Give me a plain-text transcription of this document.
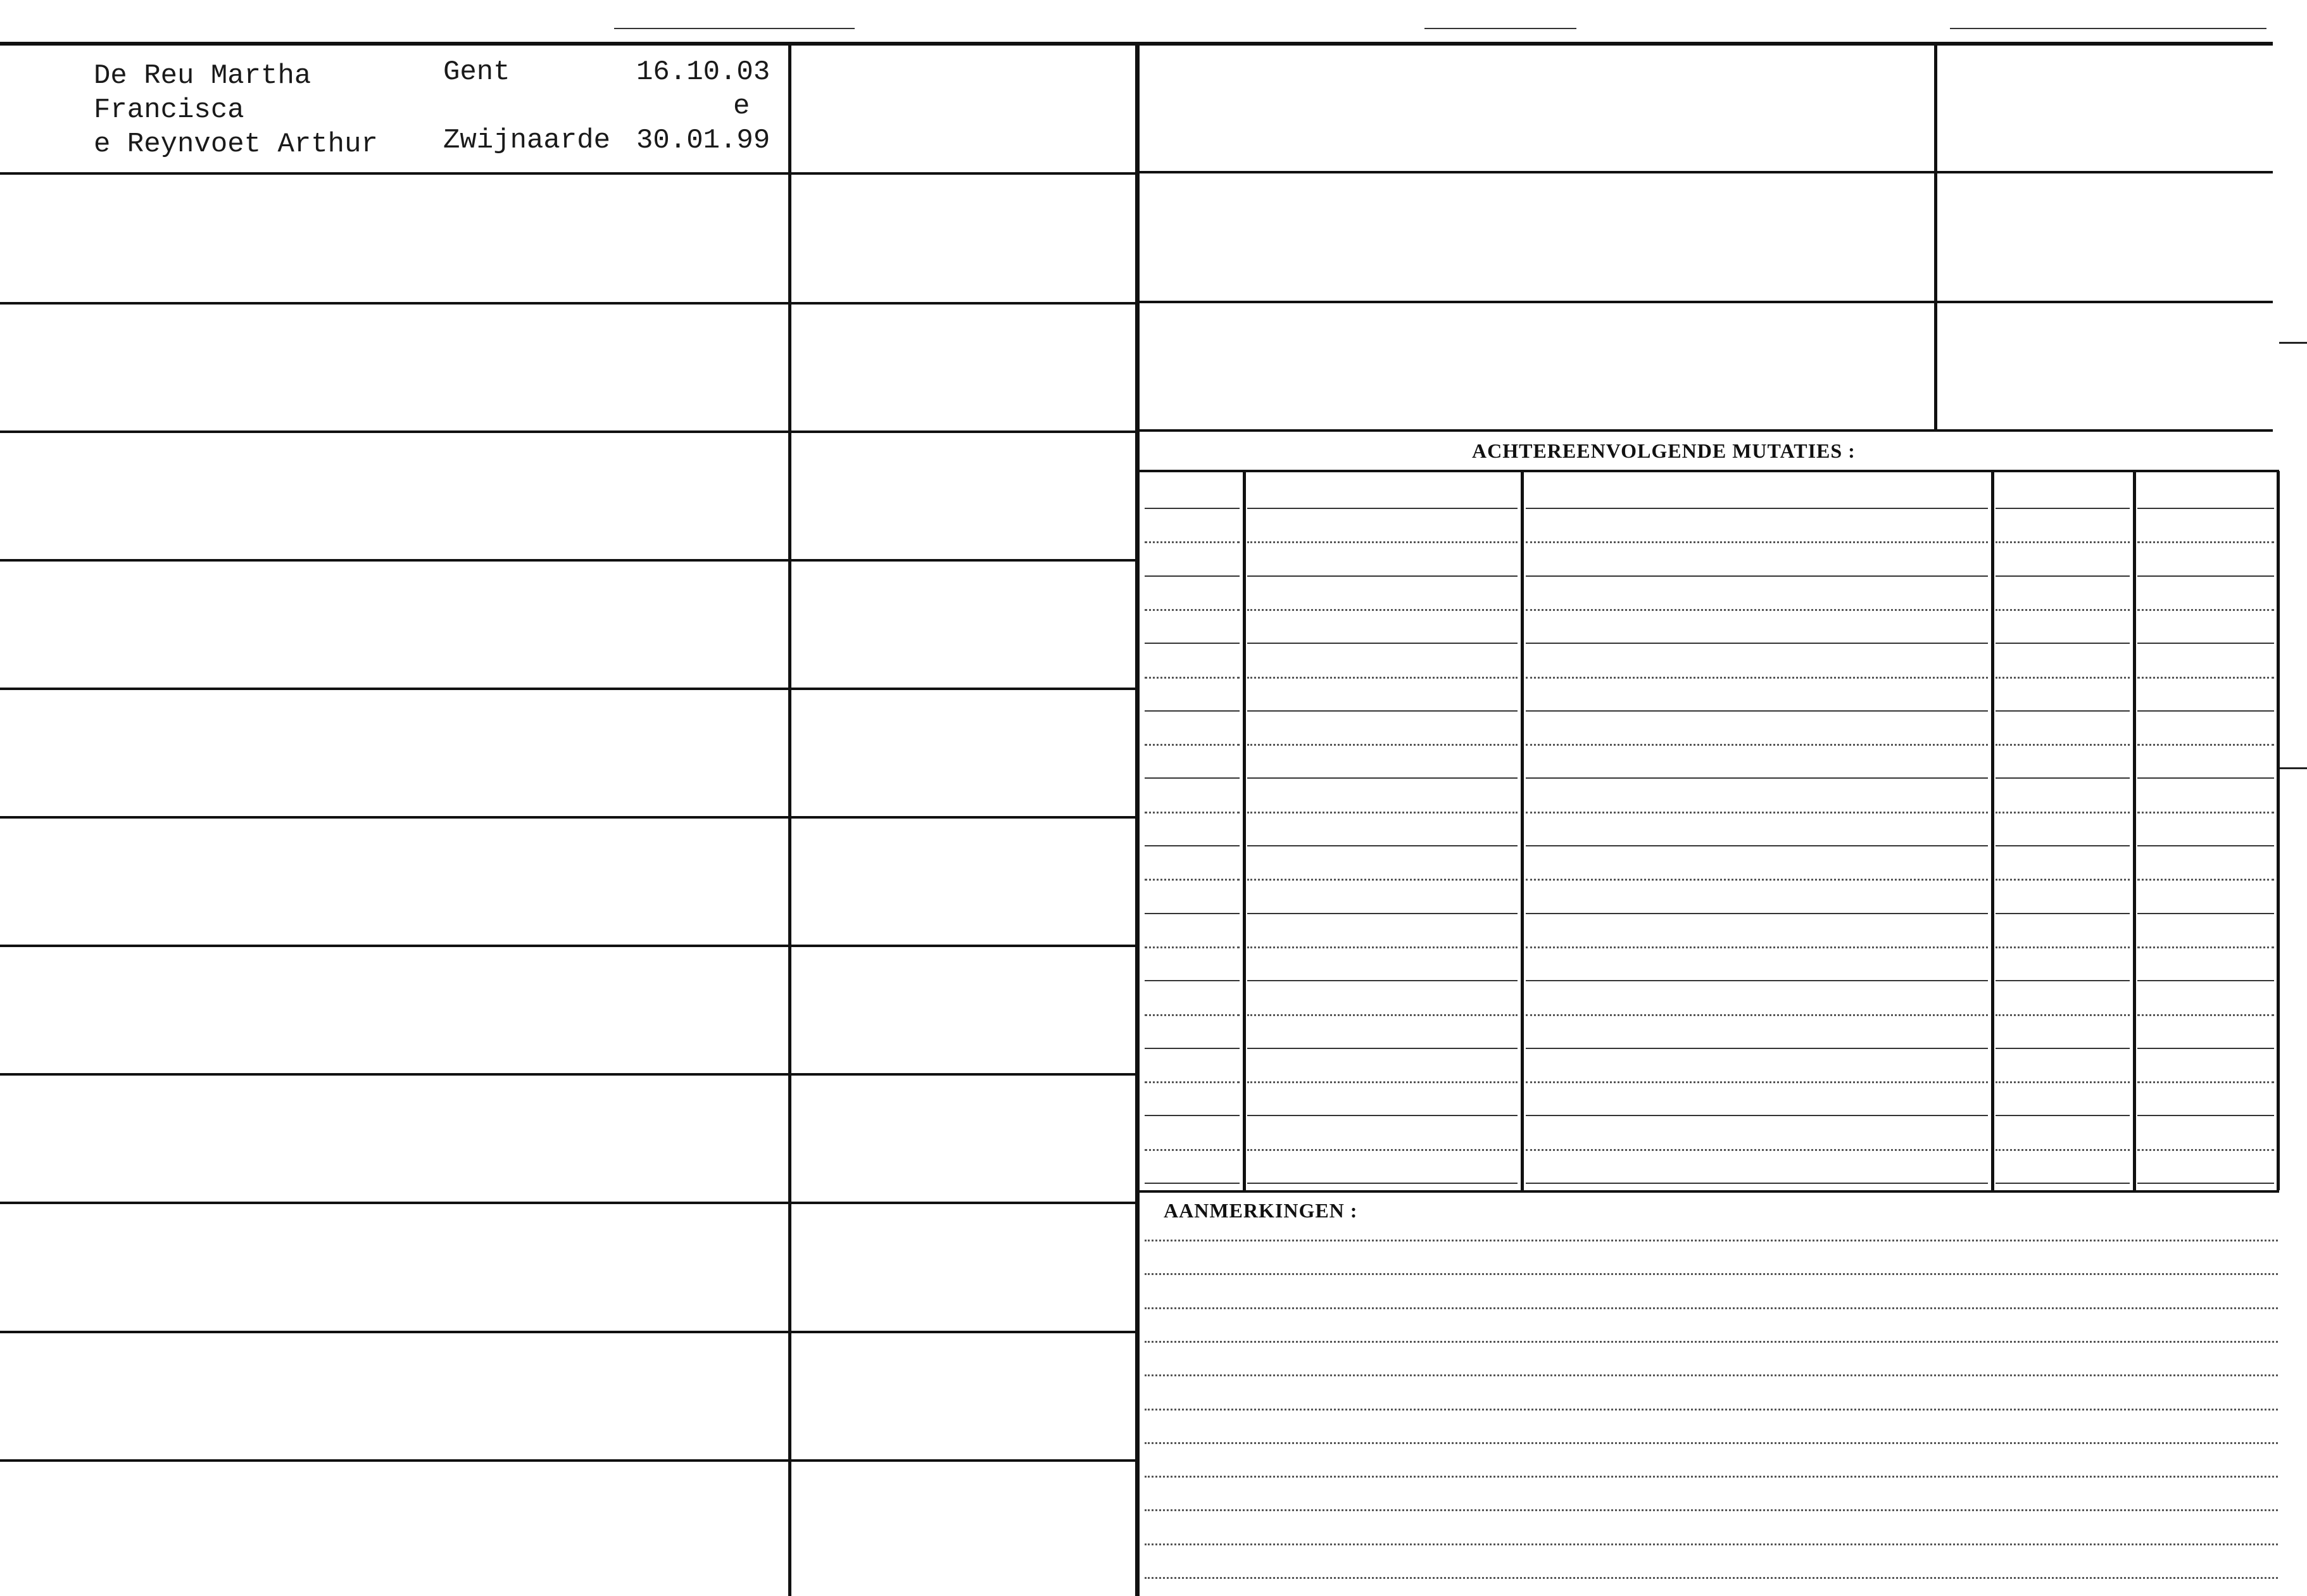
De Reu Martha
Francisca
e Reynvoet Arthur
Gent
Zwijnaarde
16.10.03
e
30.01.99
ACHTEREENVOLGENDE MUTATIES :
AANMERKINGEN :
